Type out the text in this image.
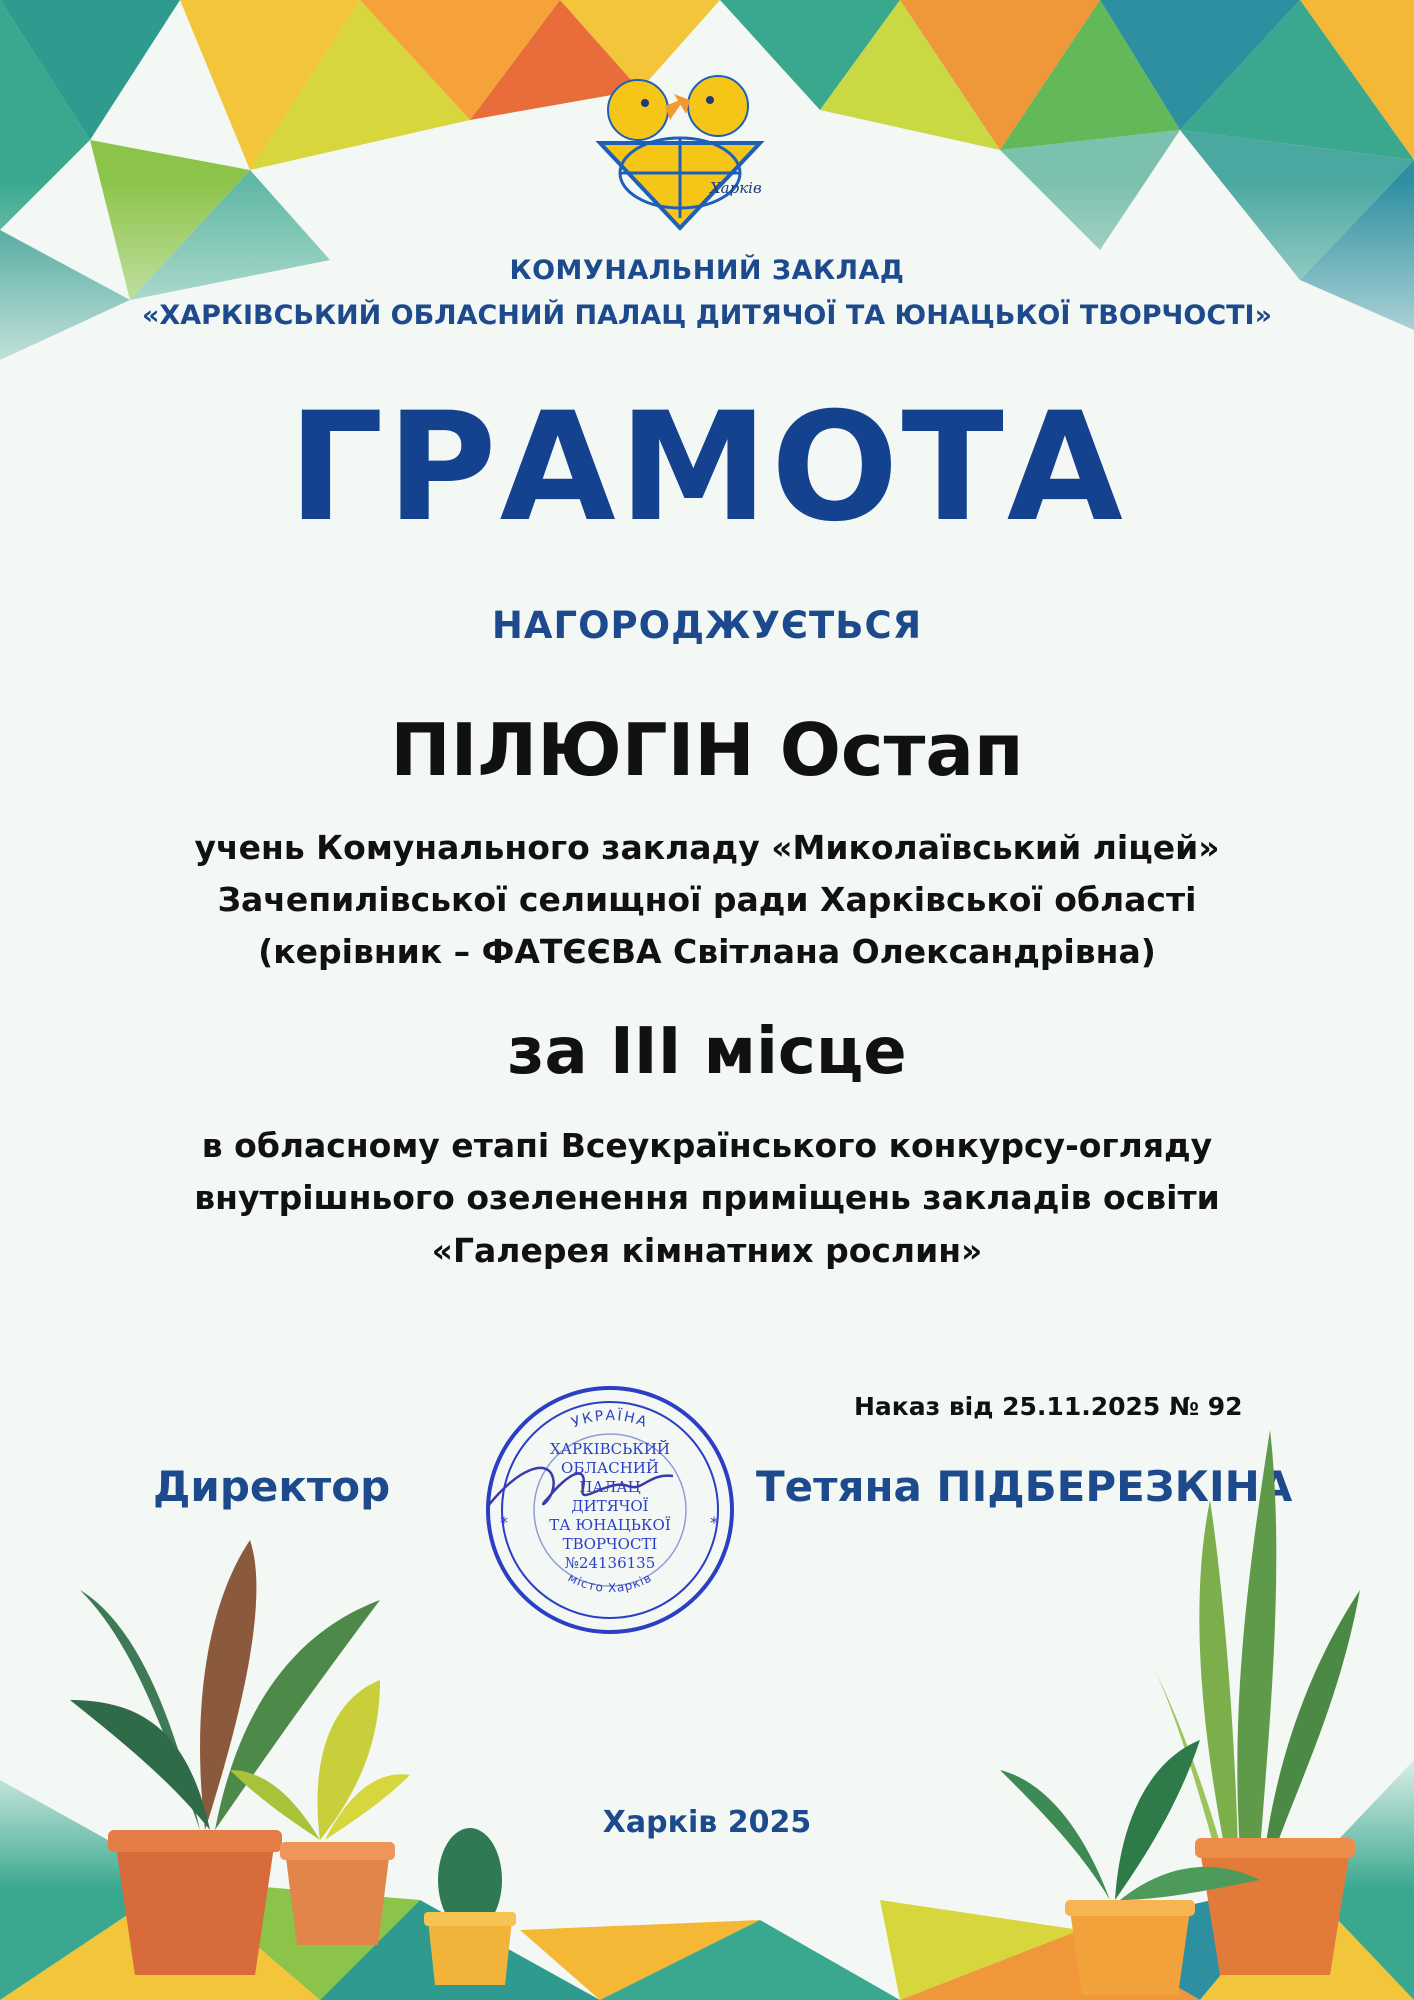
Харків
КОМУНАЛЬНИЙ ЗАКЛАД
«ХАРКІВСЬКИЙ ОБЛАСНИЙ ПАЛАЦ ДИТЯЧОЇ ТА ЮНАЦЬКОЇ ТВОРЧОСТІ»
ГРАМОТА
НАГОРОДЖУЄТЬСЯ
ПІЛЮГІН Остап
учень Комунального закладу «Миколаївський ліцей»
Зачепилівської селищної ради Харківської області
(керівник – ФАТЄЄВА Світлана Олександрівна)
за ІІІ місце
в обласному етапі Всеукраїнського конкурсу-огляду
внутрішнього озеленення приміщень закладів освіти
«Галерея кімнатних рослин»
Наказ від 25.11.2025 № 92
Директор	Тетяна ПІДБЕРЕЗКІНА
УКРАЇНА
місто Харків
ХАРКІВСЬКИЙ
ОБЛАСНИЙ
ПАЛАЦ
ДИТЯЧОЇ
ТА ЮНАЦЬКОЇ
ТВОРЧОСТІ
№24136135
*	*
Харків 2025
